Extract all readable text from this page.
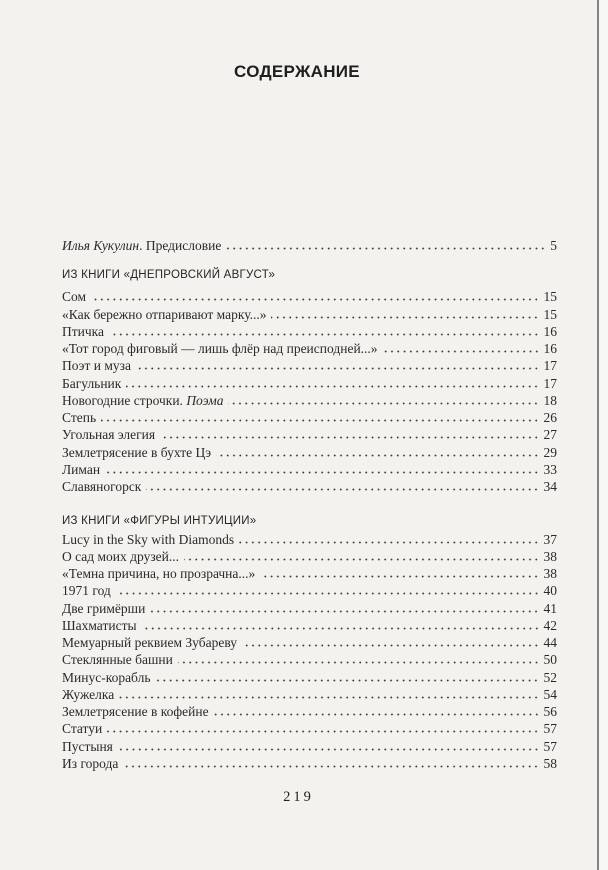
СОДЕРЖАНИЕ
Илья Кукулин. Предисловие	5
ИЗ КНИГИ «ДНЕПРОВСКИЙ АВГУСТ»
Сом	15
«Как бережно отпаривают марку...»	15
Птичка	16
«Тот город фиговый — лишь флёр над преисподней...»	16
Поэт и муза	17
Багульник	17
Новогодние строчки. Поэма	18
Степь	26
Угольная элегия	27
Землетрясение в бухте Цэ	29
Лиман	33
Славяногорск	34
ИЗ КНИГИ «ФИГУРЫ ИНТУИЦИИ»
Lucy in the Sky with Diamonds	37
О сад моих друзей...	38
«Темна причина, но прозрачна...»	38
1971 год	40
Две гримёрши	41
Шахматисты	42
Мемуарный реквием Зубареву	44
Стеклянные башни	50
Минус-корабль	52
Жужелка	54
Землетрясение в кофейне	56
Статуи	57
Пустыня	57
Из города	58
219
